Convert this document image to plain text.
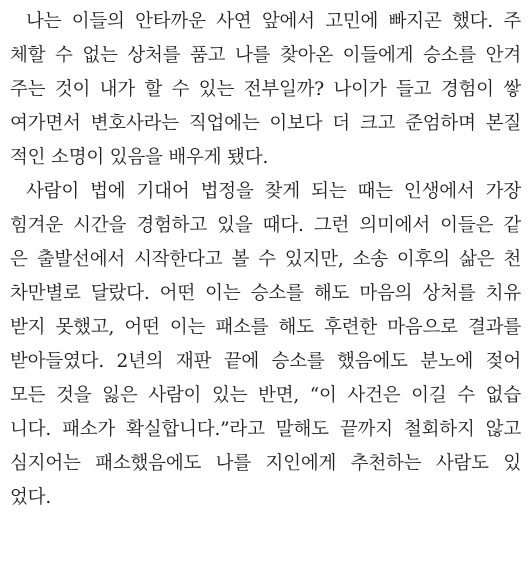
나는 이들의 안타까운 사연 앞에서 고민에 빠지곤 했다. 주
체할 수 없는 상처를 품고 나를 찾아온 이들에게 승소를 안겨
주는 것이 내가 할 수 있는 전부일까? 나이가 들고 경험이 쌓
여가면서 변호사라는 직업에는 이보다 더 크고 준엄하며 본질
적인 소명이 있음을 배우게 됐다.
사람이 법에 기대어 법정을 찾게 되는 때는 인생에서 가장
힘겨운 시간을 경험하고 있을 때다. 그런 의미에서 이들은 같
은 출발선에서 시작한다고 볼 수 있지만, 소송 이후의 삶은 천
차만별로 달랐다. 어떤 이는 승소를 해도 마음의 상처를 치유
받지 못했고, 어떤 이는 패소를 해도 후련한 마음으로 결과를
받아들였다. 2년의 재판 끝에 승소를 했음에도 분노에 젖어
모든 것을 잃은 사람이 있는 반면, “이 사건은 이길 수 없습
니다. 패소가 확실합니다.”라고 말해도 끝까지 철회하지 않고
심지어는 패소했음에도 나를 지인에게 추천하는 사람도 있
었다.
